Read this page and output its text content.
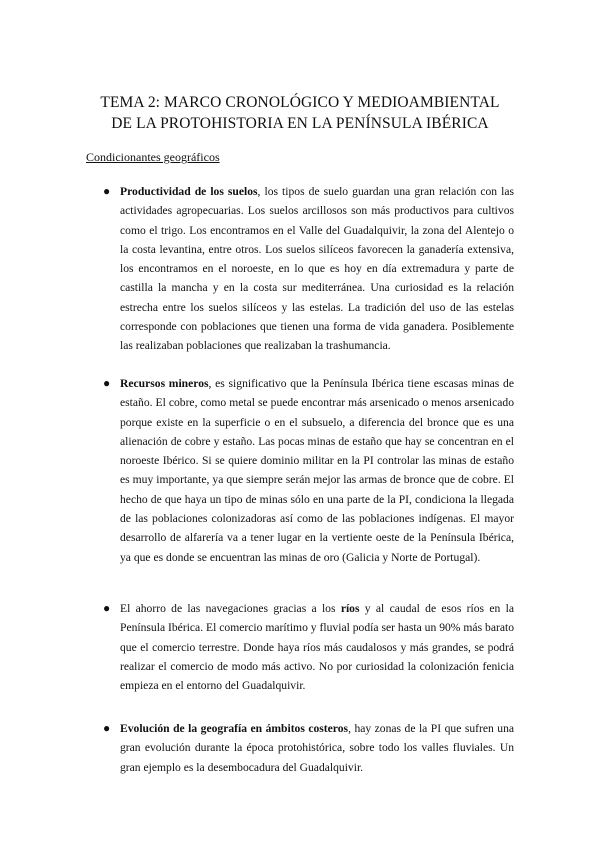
TEMA 2: MARCO CRONOLÓGICO Y MEDIOAMBIENTAL
DE LA PROTOHISTORIA EN LA PENÍNSULA IBÉRICA

Condicionantes geográficos

● Productividad de los suelos, los tipos de suelo guardan una gran relación con las actividades agropecuarias. Los suelos arcillosos son más productivos para cultivos como el trigo. Los encontramos en el Valle del Guadalquivir, la zona del Alentejo o la costa levantina, entre otros. Los suelos silíceos favorecen la ganadería extensiva, los encontramos en el noroeste, en lo que es hoy en día extremadura y parte de castilla la mancha y en la costa sur mediterránea. Una curiosidad es la relación estrecha entre los suelos silíceos y las estelas. La tradición del uso de las estelas corresponde con poblaciones que tienen una forma de vida ganadera. Posiblemente las realizaban poblaciones que realizaban la trashumancia.

● Recursos mineros, es significativo que la Península Ibérica tiene escasas minas de estaño. El cobre, como metal se puede encontrar más arsenicado o menos arsenicado porque existe en la superficie o en el subsuelo, a diferencia del bronce que es una alienación de cobre y estaño. Las pocas minas de estaño que hay se concentran en el noroeste Ibérico. Si se quiere dominio militar en la PI controlar las minas de estaño es muy importante, ya que siempre serán mejor las armas de bronce que de cobre. El hecho de que haya un tipo de minas sólo en una parte de la PI, condiciona la llegada de las poblaciones colonizadoras así como de las poblaciones indígenas. El mayor desarrollo de alfarería va a tener lugar en la vertiente oeste de la Península Ibérica, ya que es donde se encuentran las minas de oro (Galicia y Norte de Portugal).

● El ahorro de las navegaciones gracias a los ríos y al caudal de esos ríos en la Península Ibérica. El comercio marítimo y fluvial podía ser hasta un 90% más barato que el comercio terrestre. Donde haya ríos más caudalosos y más grandes, se podrá realizar el comercio de modo más activo. No por curiosidad la colonización fenicia empieza en el entorno del Guadalquivir.

● Evolución de la geografía en ámbitos costeros, hay zonas de la PI que sufren una gran evolución durante la época protohistórica, sobre todo los valles fluviales. Un gran ejemplo es la desembocadura del Guadalquivir.
